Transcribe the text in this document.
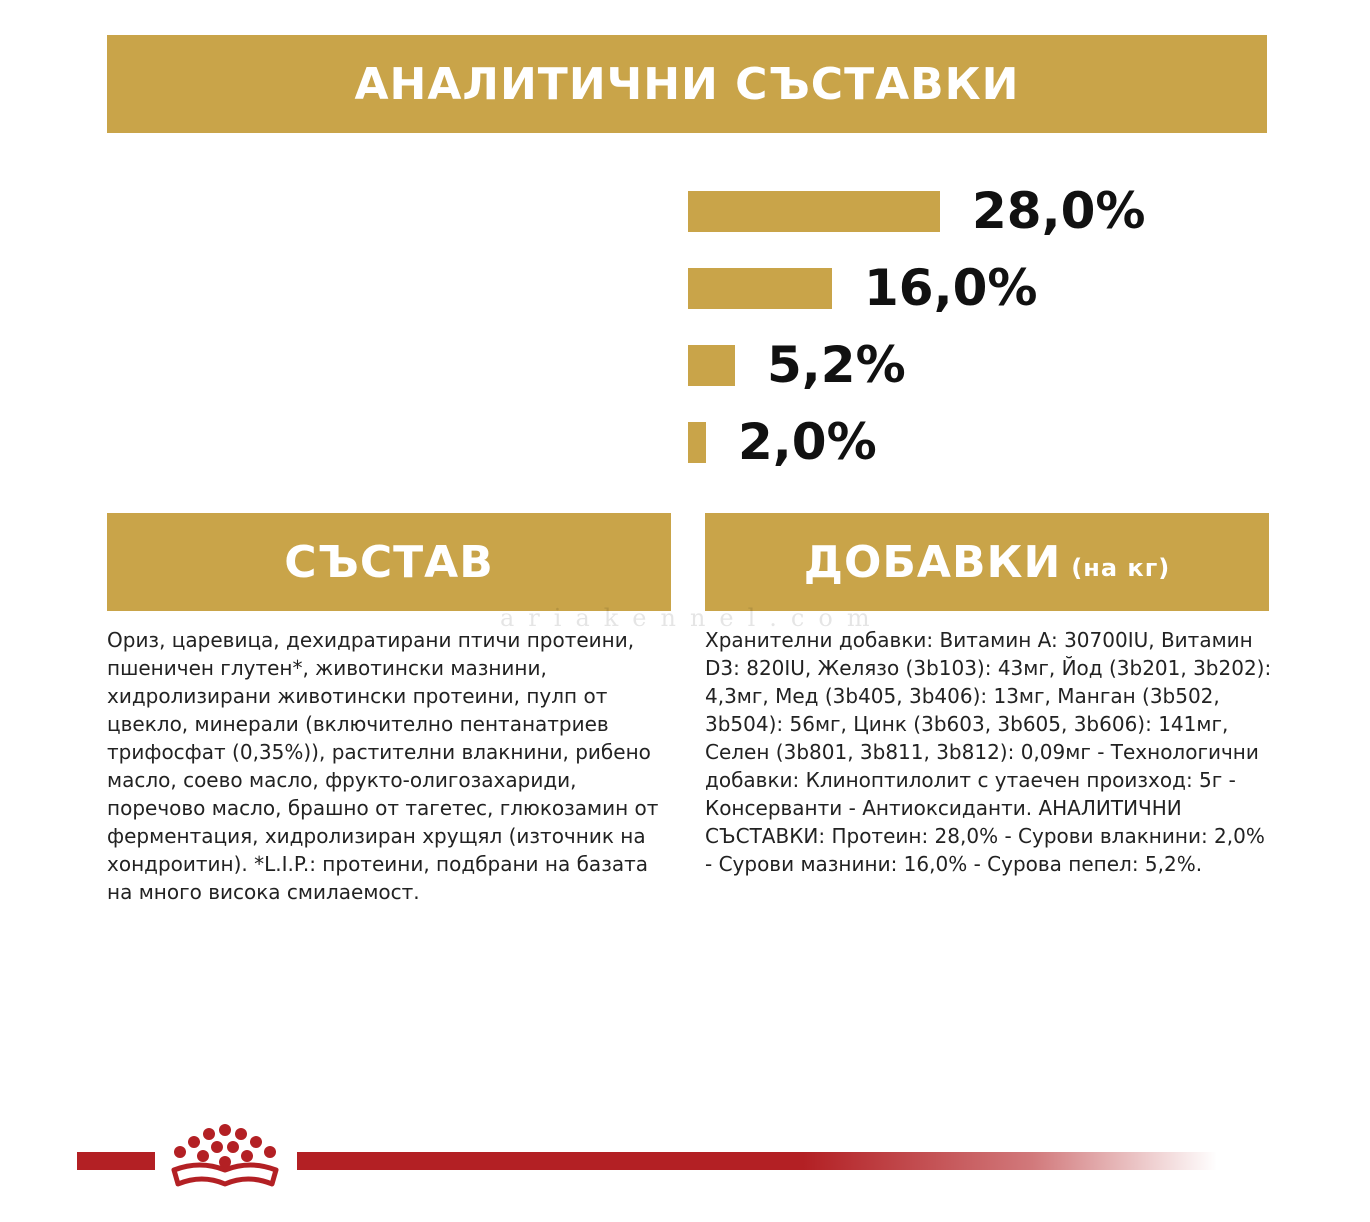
АНАЛИТИЧНИ СЪСТАВКИ
28,0%
16,0%
5,2%
2,0%
СЪСТАВ	ДОБАВКИ (на кг)
ariakennel.com
Ориз, царевица, дехидратирани птичи протеини, пшеничен глутен*, животински мазнини, хидролизирани животински протеини, пулп от цвекло, минерали (включително пентанатриев трифосфат (0,35%)), растителни влакнини, рибено масло, соево масло, фрукто-олигозахариди, поречово масло, брашно от тагетес, глюкозамин от ферментация, хидролизиран хрущял (източник на хондроитин). *L.I.P.: протеини, подбрани на базата на много висока смилаемост.
Хранителни добавки: Витамин A: 30700IU, Витамин D3: 820IU, Желязо (3b103): 43мг, Йод (3b201, 3b202): 4,3мг, Мед (3b405, 3b406): 13мг, Манган (3b502, 3b504): 56мг, Цинк (3b603, 3b605, 3b606): 141мг, Селен (3b801, 3b811, 3b812): 0,09мг - Технологични добавки: Клиноптилолит с утаечен произход: 5г - Консерванти - Антиоксиданти. АНАЛИТИЧНИ СЪСТАВКИ: Протеин: 28,0% - Сурови влакнини: 2,0% - Сурови мазнини: 16,0% - Сурова пепел: 5,2%.
